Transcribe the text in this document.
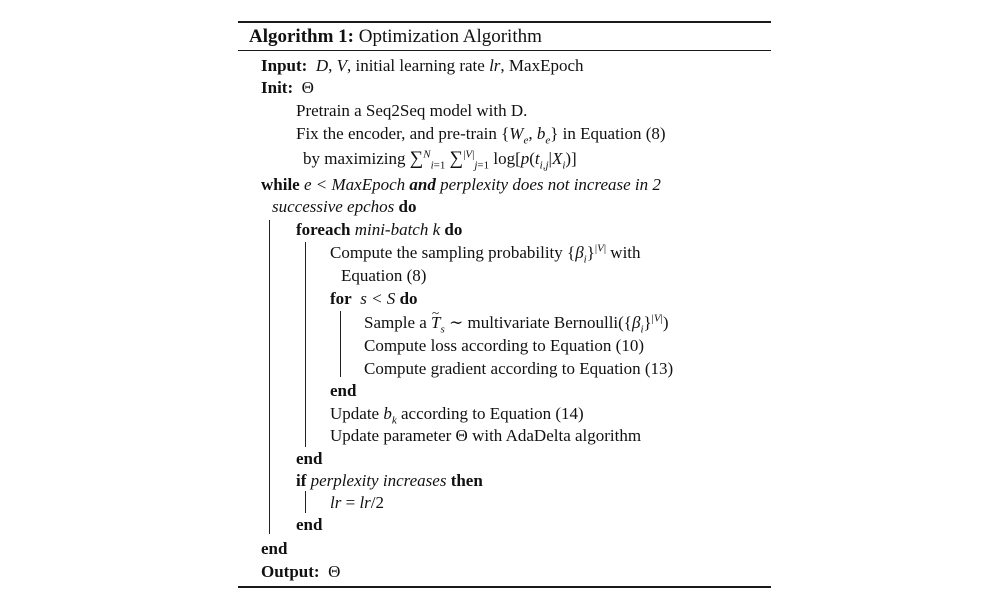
Algorithm 1: Optimization Algorithm
Input: D, V, initial learning rate lr, MaxEpoch
Init: Θ
Pretrain a Seq2Seq model with D.
Fix the encoder, and pre-train {$W_e$, $b_e$} in Equation (8)
by maximizing ∑$^N_{i=1}$ ∑$^{|V|}_{j=1}$ $\log[p(t_{i,j}|X_i)]$
while e < MaxEpoch and perplexity does not increase in 2
successive epchos do
foreach mini-batch k do
Compute the sampling probability $\{\beta_i\}^{|V|}$ with
Equation (8)
for s < S do
Sample a ~ $T_s$ ∼ multivariate $Bernoulli(\{\beta_i\}^{|V|})$
Compute loss according to Equation (10)
Compute gradient according to Equation (13)
end
Update $b_k$ according to Equation (14)
Update parameter Θ with AdaDelta algorithm
end
if perplexity increases then
lr = lr/2
end
end
Output: Θ
